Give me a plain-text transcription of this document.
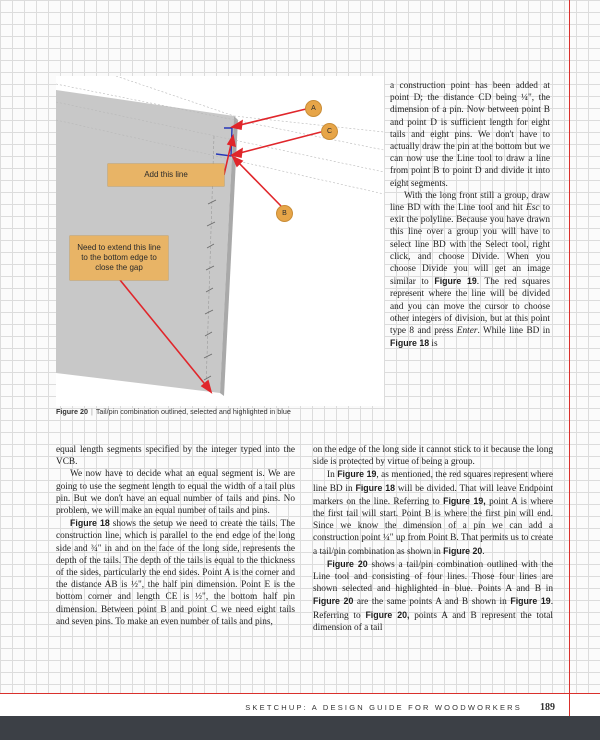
Add this line
Need to extend this line to the bottom edge to close the gap
A
C
B
Figure 20 | Tail/pin combination outlined, selected and highlighted in blue

a construction point has been added at point D; the distance CD being ¼", the dimension of a pin. Now between point B and point D is sufficient length for eight tails and eight pins. We don't have to actually draw the pin at the bottom but we can now use the Line tool to draw a line from point B to point D and divide it into eight segments.

With the long front still a group, draw line BD with the Line tool and hit Esc to exit the polyline. Because you have drawn this line over a group you will have to select line BD with the Select tool, right click, and choose Divide. When you choose Divide you will get an image similar to Figure 19. The red squares represent where the line will be divided and you can move the cursor to choose other integers of division, but at this point type 8 and press Enter. While line BD in Figure 18 is

equal length segments specified by the integer typed into the VCB.

We now have to decide what an equal segment is. We are going to use the segment length to equal the width of a tail plus pin. But we don't have an equal number of tails and pins. No problem, we will make an equal number of tails and pins.

Figure 18 shows the setup we need to create the tails. The construction line, which is parallel to the end edge of the long side and ¾" in and on the face of the long side, represents the depth of the tails. The depth of the tails is equal to the thickness of the sides, particularly the end sides. Point A is the corner and the distance AB is ½", the half pin dimension. Point E is the bottom corner and length CE is ½", the bottom half pin dimension. Between point B and point C we need eight tails and seven pins. To make an even number of tails and pins,

on the edge of the long side it cannot stick to it because the long side is protected by virtue of being a group.

In Figure 19, as mentioned, the red squares represent where line BD in Figure 18 will be divided. That will leave Endpoint markers on the line. Referring to Figure 19, point A is where the first tail will start. Point B is where the first pin will end. Since we know the dimension of a pin we can add a construction point ¼" up from Point B. That permits us to create a tail/pin combination as shown in Figure 20.

Figure 20 shows a tail/pin combination outlined with the Line tool and consisting of four lines. Those four lines are shown selected and highlighted in blue. Points A and B in Figure 20 are the same points A and B shown in Figure 19. Referring to Figure 20, points A and B represent the total dimension of a tail

SKETCHUP: A DESIGN GUIDE FOR WOODWORKERS 189
